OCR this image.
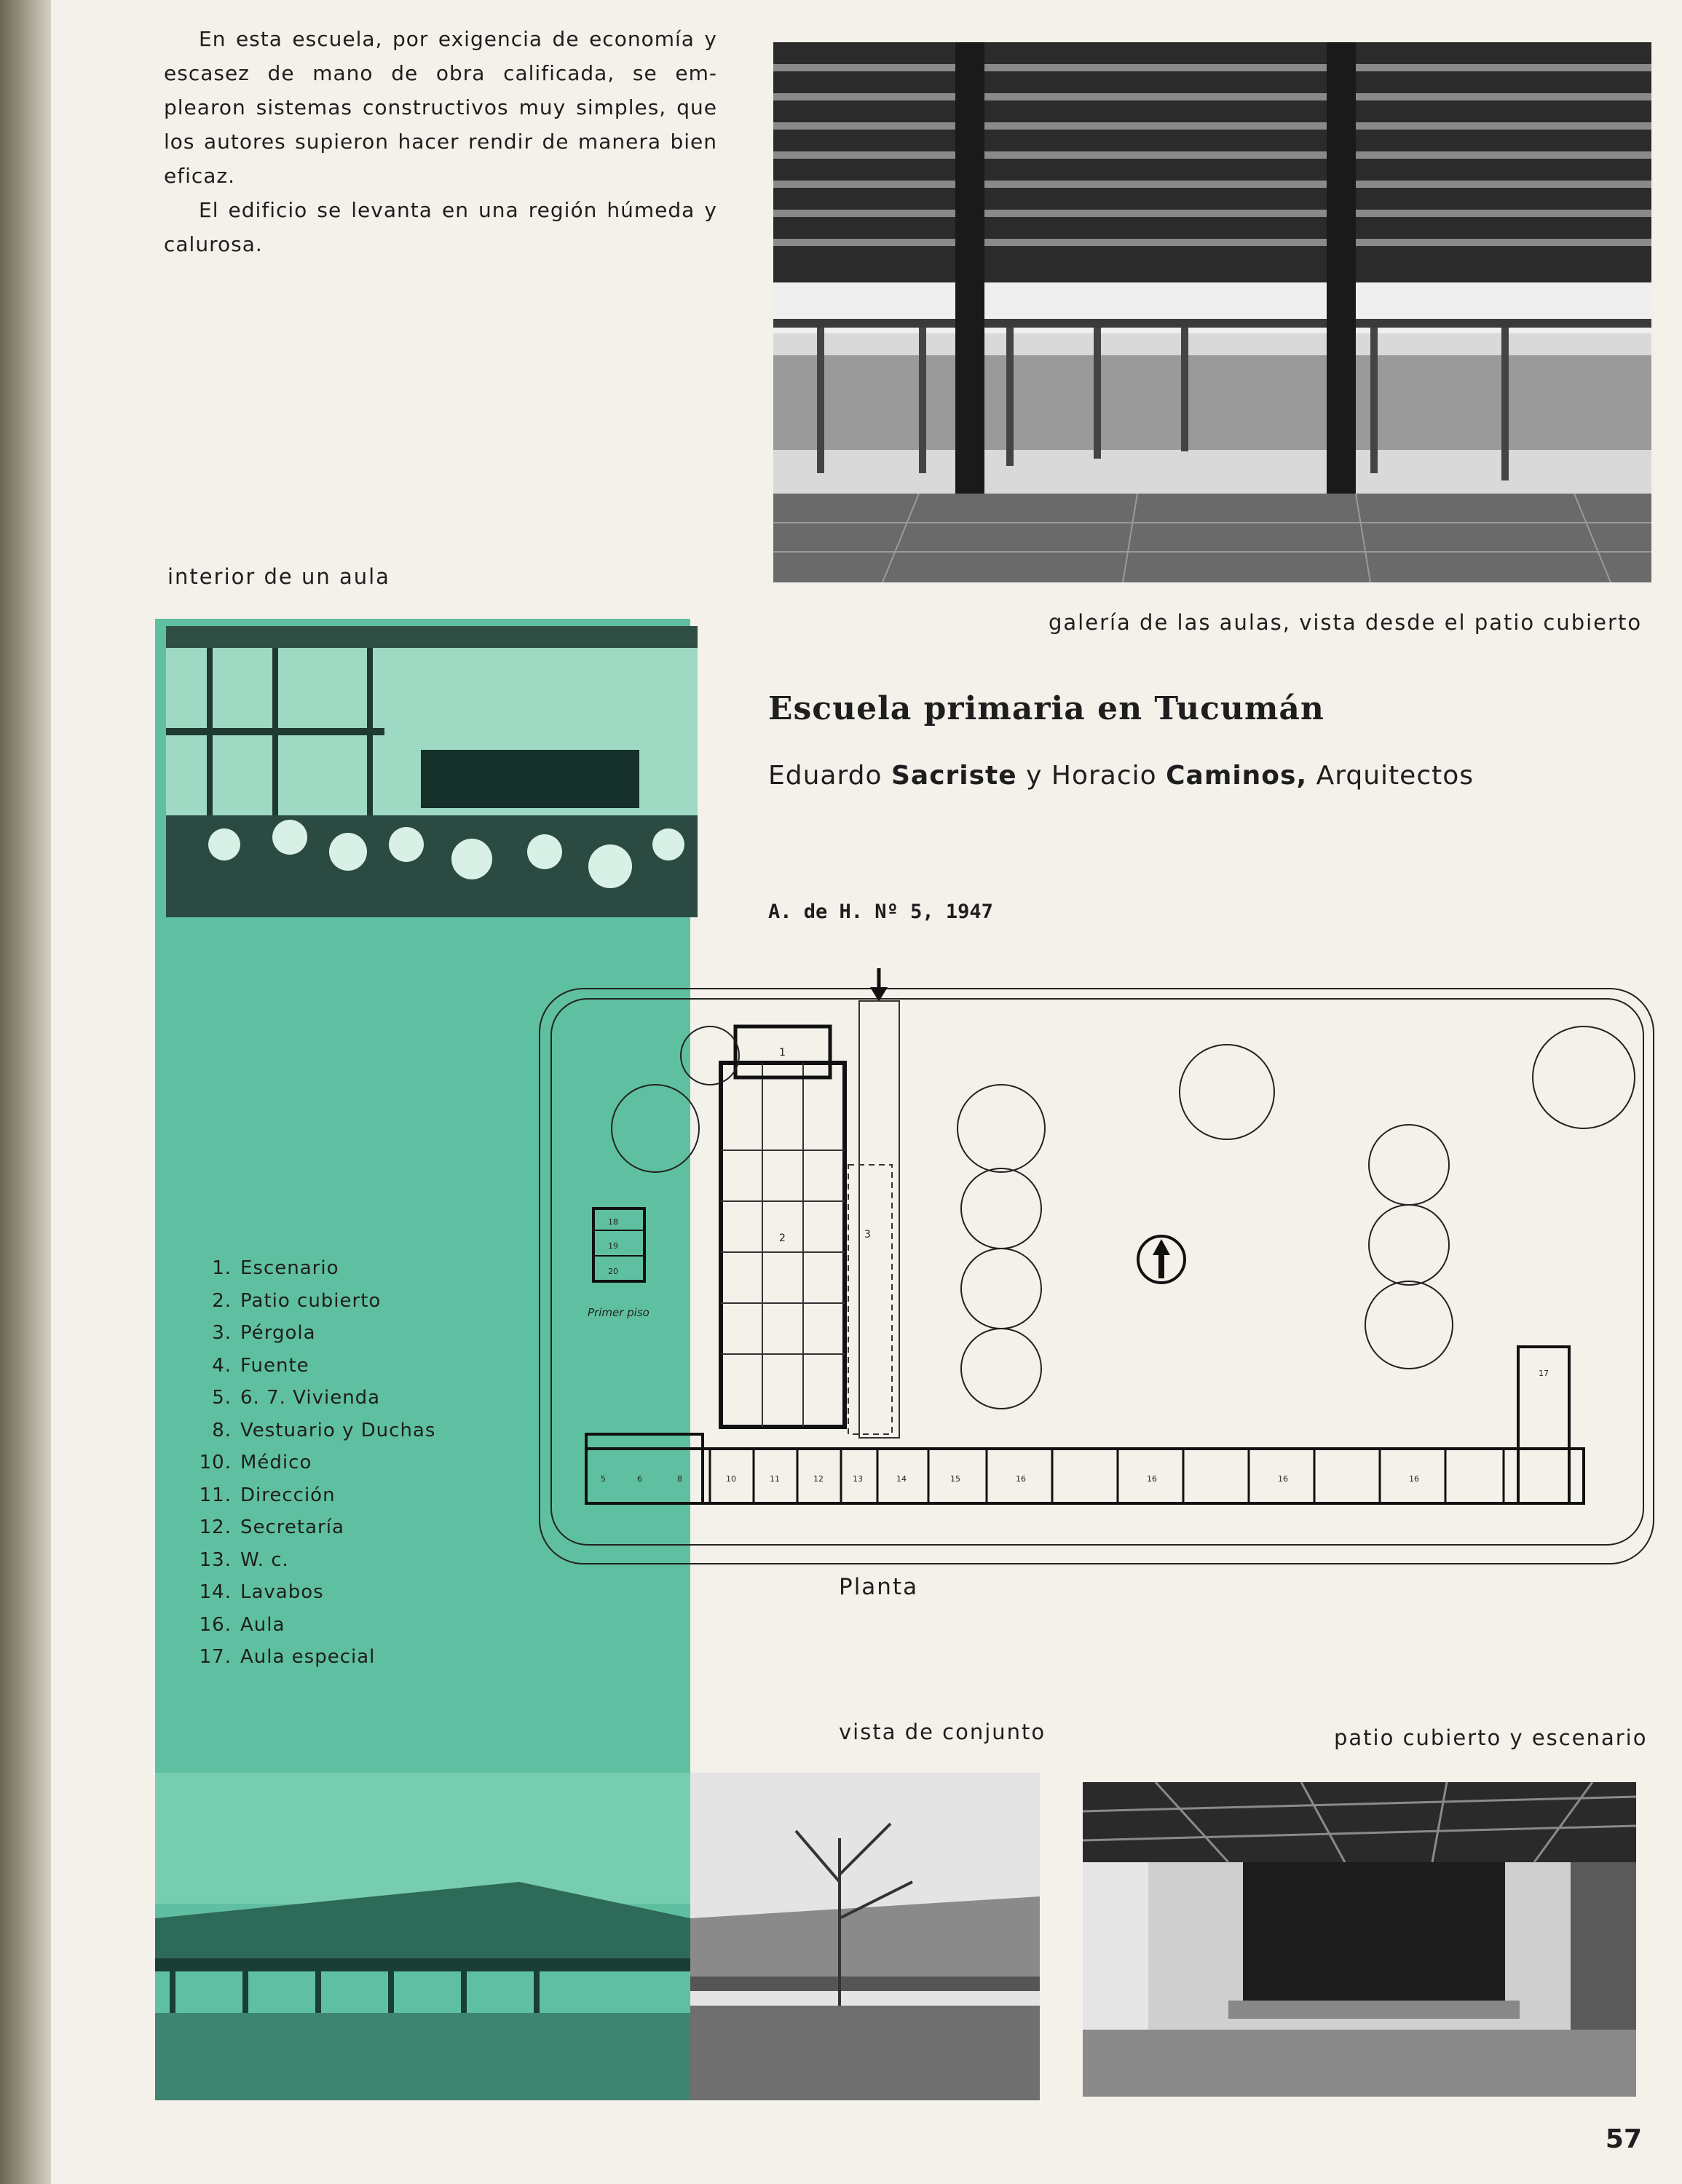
En esta escuela, por exigencia de economía y escasez de mano de obra calificada, se em- plearon sistemas constructivos muy simples, que los autores supieron hacer rendir de manera bien eficaz.

El edificio se levanta en una región húmeda y calurosa.

galería de las aulas, vista desde el patio cubierto
interior de un aula
Escuela primaria en Tucumán
Eduardo Sacriste y Horacio Caminos, Arquitectos
A. de H. Nº 5, 1947
2
1
3
18
19
20
Primer piso
5	6	8	10	11	12	13	14	15	16	16	16	16
17
Planta
1. Escenario
2. Patio cubierto
3. Pérgola
4. Fuente
5. 6. 7. Vivienda
8. Vestuario y Duchas
10. Médico
11. Dirección
12. Secretaría
13. W. c.
14. Lavabos
16. Aula
17. Aula especial
vista de conjunto	patio cubierto y escenario
57
